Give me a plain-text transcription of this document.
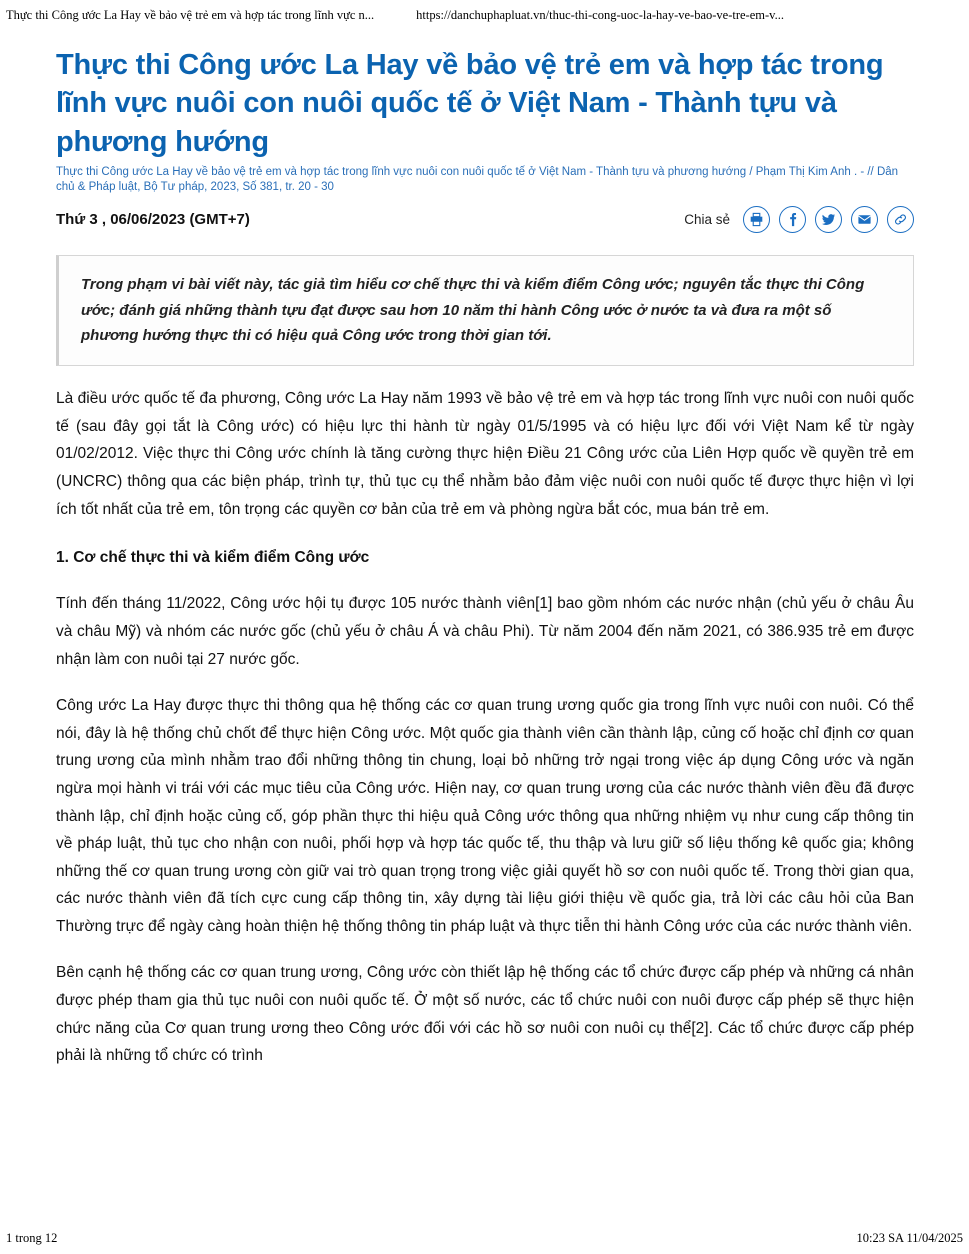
Thực thi Công ước La Hay về bảo vệ trẻ em và hợp tác trong lĩnh vực n...	https://danchuphapluat.vn/thuc-thi-cong-uoc-la-hay-ve-bao-ve-tre-em-v...
Thực thi Công ước La Hay về bảo vệ trẻ em và hợp tác trong lĩnh vực nuôi con nuôi quốc tế ở Việt Nam - Thành tựu và phương hướng

Thực thi Công ước La Hay về bảo vệ trẻ em và hợp tác trong lĩnh vực nuôi con nuôi quốc tế ở Việt Nam - Thành tựu và phương hướng / Phạm Thị Kim Anh . - // Dân chủ & Pháp luật, Bộ Tư pháp, 2023, Số 381, tr. 20 - 30

Thứ 3 , 06/06/2023 (GMT+7)	Chia sẻ

Trong phạm vi bài viết này, tác giả tìm hiểu cơ chế thực thi và kiểm điểm Công ước; nguyên tắc thực thi Công ước; đánh giá những thành tựu đạt được sau hơn 10 năm thi hành Công ước ở nước ta và đưa ra một số phương hướng thực thi có hiệu quả Công ước trong thời gian tới.

Là điều ước quốc tế đa phương, Công ước La Hay năm 1993 về bảo vệ trẻ em và hợp tác trong lĩnh vực nuôi con nuôi quốc tế (sau đây gọi tắt là Công ước) có hiệu lực thi hành từ ngày 01/5/1995 và có hiệu lực đối với Việt Nam kể từ ngày 01/02/2012. Việc thực thi Công ước chính là tăng cường thực hiện Điều 21 Công ước của Liên Hợp quốc về quyền trẻ em (UNCRC) thông qua các biện pháp, trình tự, thủ tục cụ thể nhằm bảo đảm việc nuôi con nuôi quốc tế được thực hiện vì lợi ích tốt nhất của trẻ em, tôn trọng các quyền cơ bản của trẻ em và phòng ngừa bắt cóc, mua bán trẻ em.

1. Cơ chế thực thi và kiểm điểm Công ước

Tính đến tháng 11/2022, Công ước hội tụ được 105 nước thành viên[1] bao gồm nhóm các nước nhận (chủ yếu ở châu Âu và châu Mỹ) và nhóm các nước gốc (chủ yếu ở châu Á và châu Phi). Từ năm 2004 đến năm 2021, có 386.935 trẻ em được nhận làm con nuôi tại 27 nước gốc.

Công ước La Hay được thực thi thông qua hệ thống các cơ quan trung ương quốc gia trong lĩnh vực nuôi con nuôi. Có thể nói, đây là hệ thống chủ chốt để thực hiện Công ước. Một quốc gia thành viên cần thành lập, củng cố hoặc chỉ định cơ quan trung ương của mình nhằm trao đổi những thông tin chung, loại bỏ những trở ngại trong việc áp dụng Công ước và ngăn ngừa mọi hành vi trái với các mục tiêu của Công ước. Hiện nay, cơ quan trung ương của các nước thành viên đều đã được thành lập, chỉ định hoặc củng cố, góp phần thực thi hiệu quả Công ước thông qua những nhiệm vụ như cung cấp thông tin về pháp luật, thủ tục cho nhận con nuôi, phối hợp và hợp tác quốc tế, thu thập và lưu giữ số liệu thống kê quốc gia; không những thế cơ quan trung ương còn giữ vai trò quan trọng trong việc giải quyết hồ sơ con nuôi quốc tế. Trong thời gian qua, các nước thành viên đã tích cực cung cấp thông tin, xây dựng tài liệu giới thiệu về quốc gia, trả lời các câu hỏi của Ban Thường trực để ngày càng hoàn thiện hệ thống thông tin pháp luật và thực tiễn thi hành Công ước của các nước thành viên.

Bên cạnh hệ thống các cơ quan trung ương, Công ước còn thiết lập hệ thống các tổ chức được cấp phép và những cá nhân được phép tham gia thủ tục nuôi con nuôi quốc tế. Ở một số nước, các tổ chức nuôi con nuôi được cấp phép sẽ thực hiện chức năng của Cơ quan trung ương theo Công ước đối với các hồ sơ nuôi con nuôi cụ thể[2]. Các tổ chức được cấp phép phải là những tổ chức có trình

1 trong 12	10:23 SA 11/04/2025
